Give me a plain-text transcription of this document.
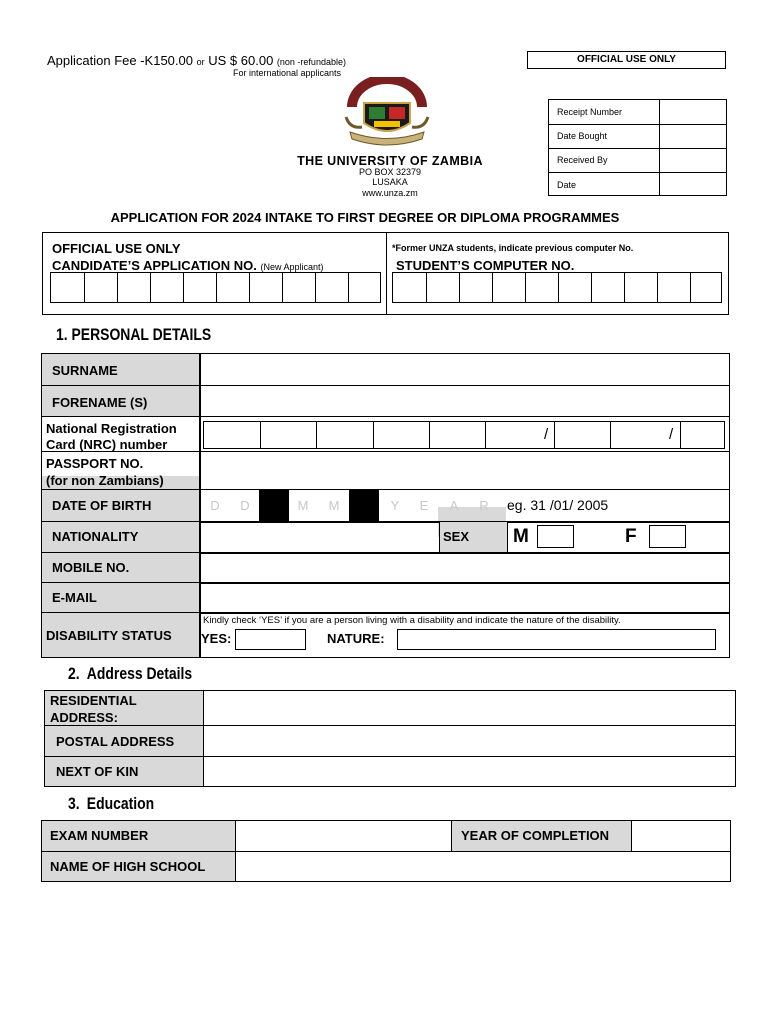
Application Fee -K150.00 or US $ 60.00 (non -refundable)
For international applicants
OFFICIAL USE ONLY
Receipt Number
Date Bought
Received By
Date
THE UNIVERSITY OF ZAMBIA
PO BOX 32379
LUSAKA
www.unza.zm
APPLICATION FOR 2024 INTAKE TO FIRST DEGREE OR DIPLOMA PROGRAMMES
OFFICIAL USE ONLY
CANDIDATE’S APPLICATION NO. (New Applicant)
*Former UNZA students, indicate previous computer No.
STUDENT’S COMPUTER NO.
1. PERSONAL DETAILS
SURNAME
FORENAME (S)
National Registration
Card (NRC) number
/	/
PASSPORT NO.
(for non Zambians)
DATE OF BIRTH	D	D	M	M	Y	E	A	R	eg. 31 /01/ 2005
NATIONALITY	SEX M	F
MOBILE NO.
E-MAIL
DISABILITY STATUS
Kindly check ‘YES’ if you are a person living with a disability and indicate the nature of the disability.
YES:	NATURE:
2. Address Details
RESIDENTIAL
ADDRESS:
POSTAL ADDRESS
NEXT OF KIN
3. Education
EXAM NUMBER	YEAR OF COMPLETION
NAME OF HIGH SCHOOL
